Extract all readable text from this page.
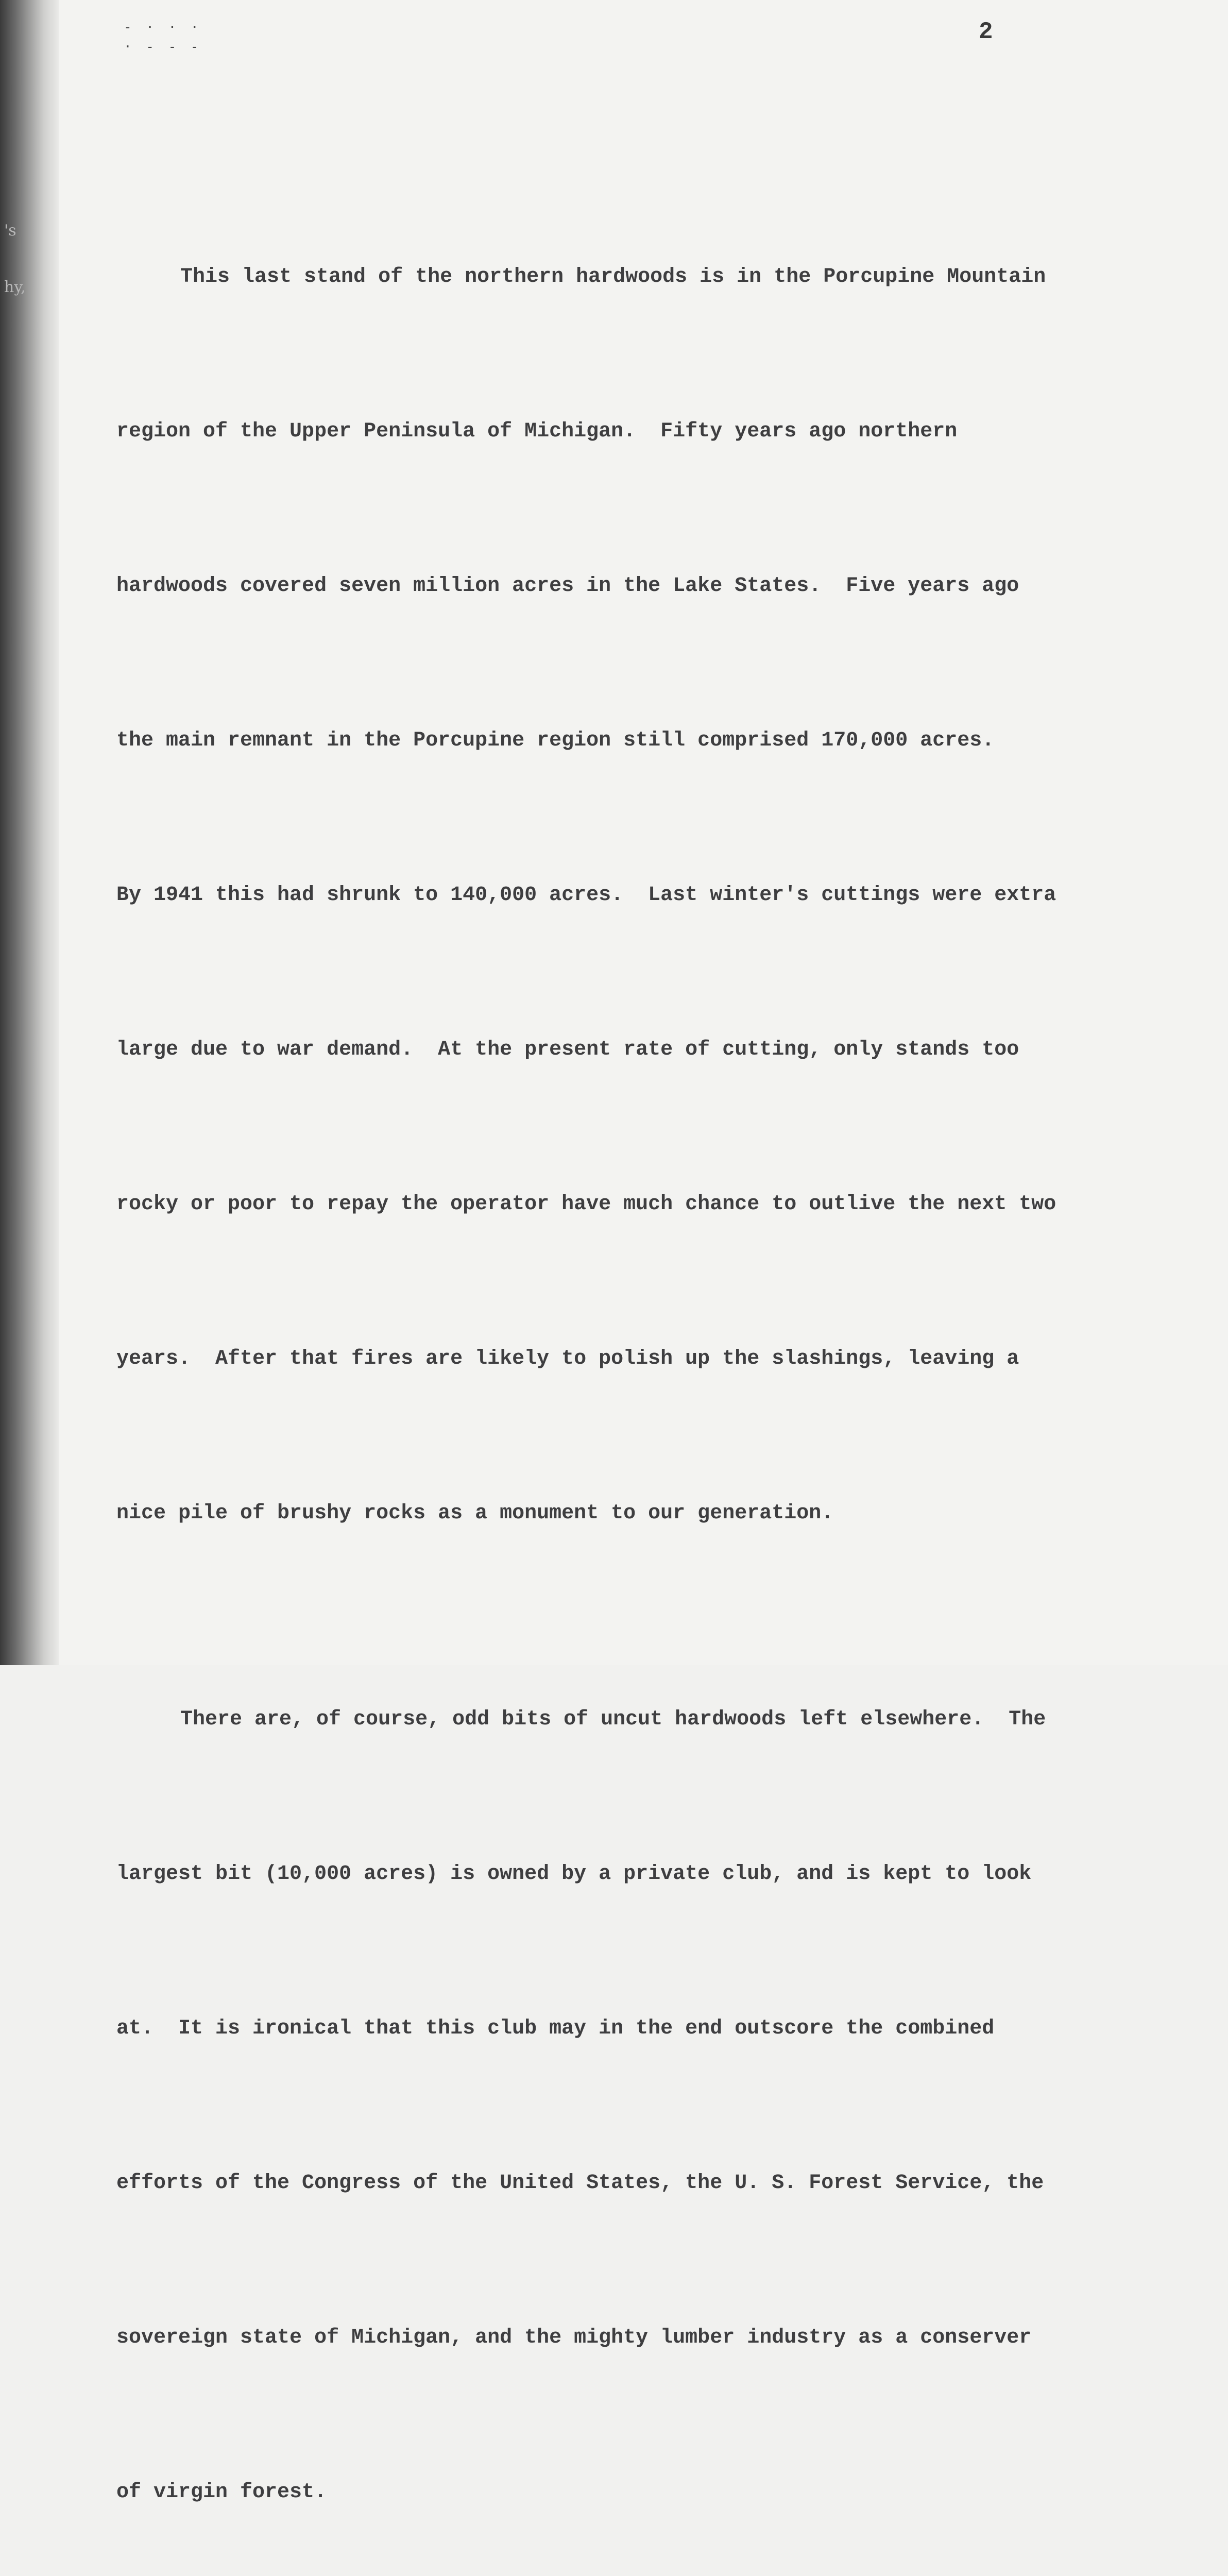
's
hy,
- · · ·
· - - -
2

This last stand of the northern hardwoods is in the Porcupine Mountain

region of the Upper Peninsula of Michigan.  Fifty years ago northern

hardwoods covered seven million acres in the Lake States.  Five years ago

the main remnant in the Porcupine region still comprised 170,000 acres.

By 1941 this had shrunk to 140,000 acres.  Last winter's cuttings were extra

large due to war demand.  At the present rate of cutting, only stands too

rocky or poor to repay the operator have much chance to outlive the next two

years.  After that fires are likely to polish up the slashings, leaving a

nice pile of brushy rocks as a monument to our generation.

There are, of course, odd bits of uncut hardwoods left elsewhere.  The

largest bit (10,000 acres) is owned by a private club, and is kept to look

at.  It is ironical that this club may in the end outscore the combined

efforts of the Congress of the United States, the U. S. Forest Service, the

sovereign state of Michigan, and the mighty lumber industry as a conserver

of virgin forest.
